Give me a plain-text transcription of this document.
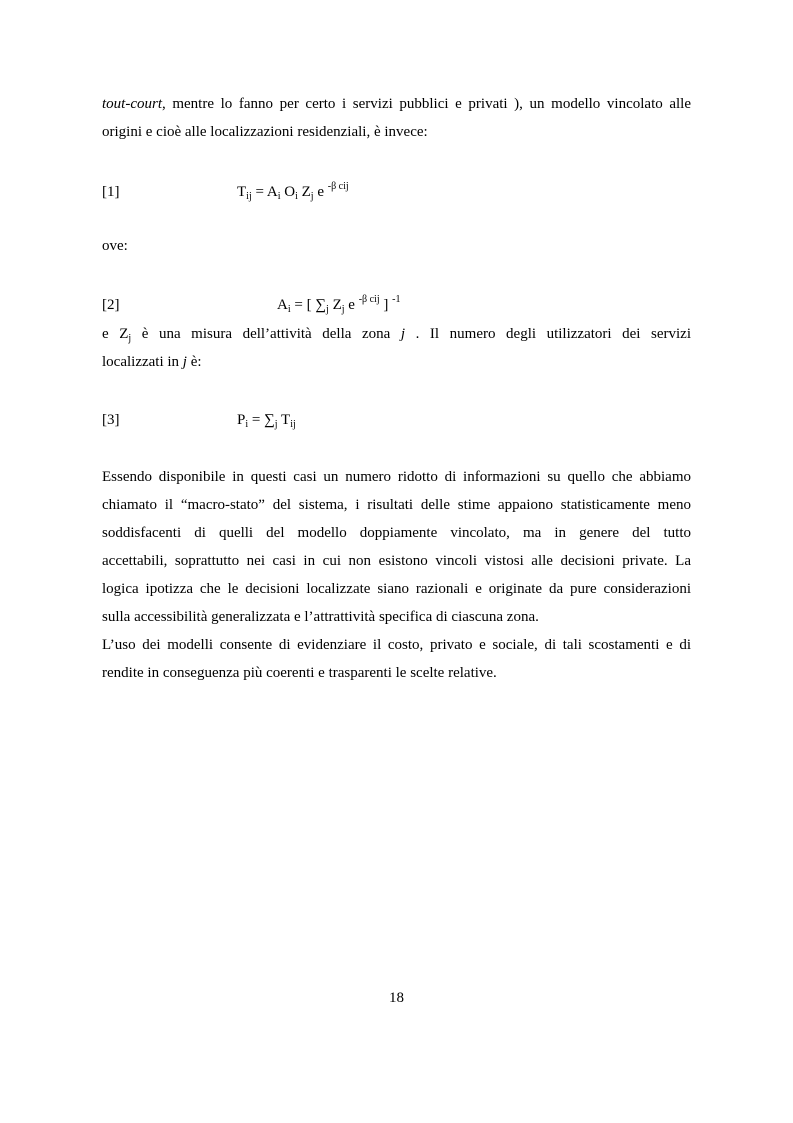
tout-court, mentre lo fanno per certo i servizi pubblici e privati ), un modello vincolato alle
origini e cioè alle localizzazioni residenziali, è invece:
[1]	$T_{ij} = A_i$ $O_i$ $Z_j$ e $^{-\beta cij}$
ove:
[2]	$A_i$ = [ $\sum_j$ $Z_j$ e $^{-\beta cij}$ ] $^{-1}$
e $Z_j$ è una misura dell’attività della zona j . Il numero degli utilizzatori dei servizi
localizzati in j è:
[3]	$P_i = \sum_j$ $T_{ij}$
Essendo disponibile in questi casi un numero ridotto di informazioni su quello che abbiamo
chiamato il “macro-stato” del sistema, i risultati delle stime appaiono statisticamente meno
soddisfacenti di quelli del modello doppiamente vincolato, ma in genere del tutto
accettabili, soprattutto nei casi in cui non esistono vincoli vistosi alle decisioni private. La
logica ipotizza che le decisioni localizzate siano razionali e originate da pure considerazioni
sulla accessibilità generalizzata e l’attrattività specifica di ciascuna zona.
L’uso dei modelli consente di evidenziare il costo, privato e sociale, di tali scostamenti e di
rendite in conseguenza più coerenti e trasparenti le scelte relative.
18
